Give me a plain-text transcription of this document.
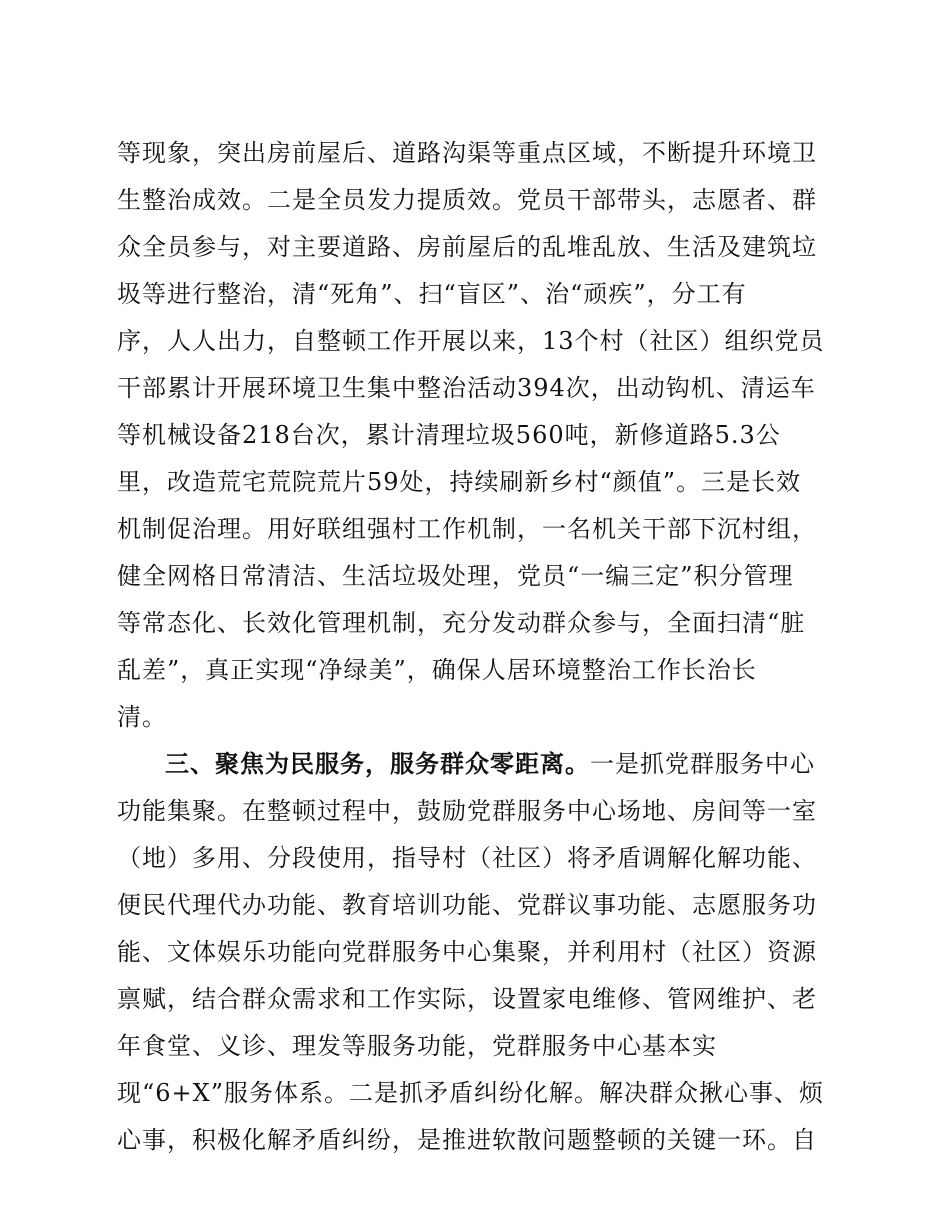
等现象，突出房前屋后、道路沟渠等重点区域，不断提升环境卫
生整治成效。二是全员发力提质效。党员干部带头，志愿者、群
众全员参与，对主要道路、房前屋后的乱堆乱放、生活及建筑垃
圾等进行整治，清“死角”、扫“盲区”、治“顽疾”，分工有
序，人人出力，自整顿工作开展以来，13个村（社区）组织党员
干部累计开展环境卫生集中整治活动394次，出动钩机、清运车
等机械设备218台次，累计清理垃圾560吨，新修道路5.3公
里，改造荒宅荒院荒片59处，持续刷新乡村“颜值”。三是长效
机制促治理。用好联组强村工作机制，一名机关干部下沉村组，
健全网格日常清洁、生活垃圾处理，党员“一编三定”积分管理
等常态化、长效化管理机制，充分发动群众参与，全面扫清“脏
乱差”，真正实现“净绿美”，确保人居环境整治工作长治长
清。
三、聚焦为民服务，服务群众零距离。一是抓党群服务中心
功能集聚。在整顿过程中，鼓励党群服务中心场地、房间等一室
（地）多用、分段使用，指导村（社区）将矛盾调解化解功能、
便民代理代办功能、教育培训功能、党群议事功能、志愿服务功
能、文体娱乐功能向党群服务中心集聚，并利用村（社区）资源
禀赋，结合群众需求和工作实际，设置家电维修、管网维护、老
年食堂、义诊、理发等服务功能，党群服务中心基本实
现“6+X”服务体系。二是抓矛盾纠纷化解。解决群众揪心事、烦
心事，积极化解矛盾纠纷，是推进软散问题整顿的关键一环。自
